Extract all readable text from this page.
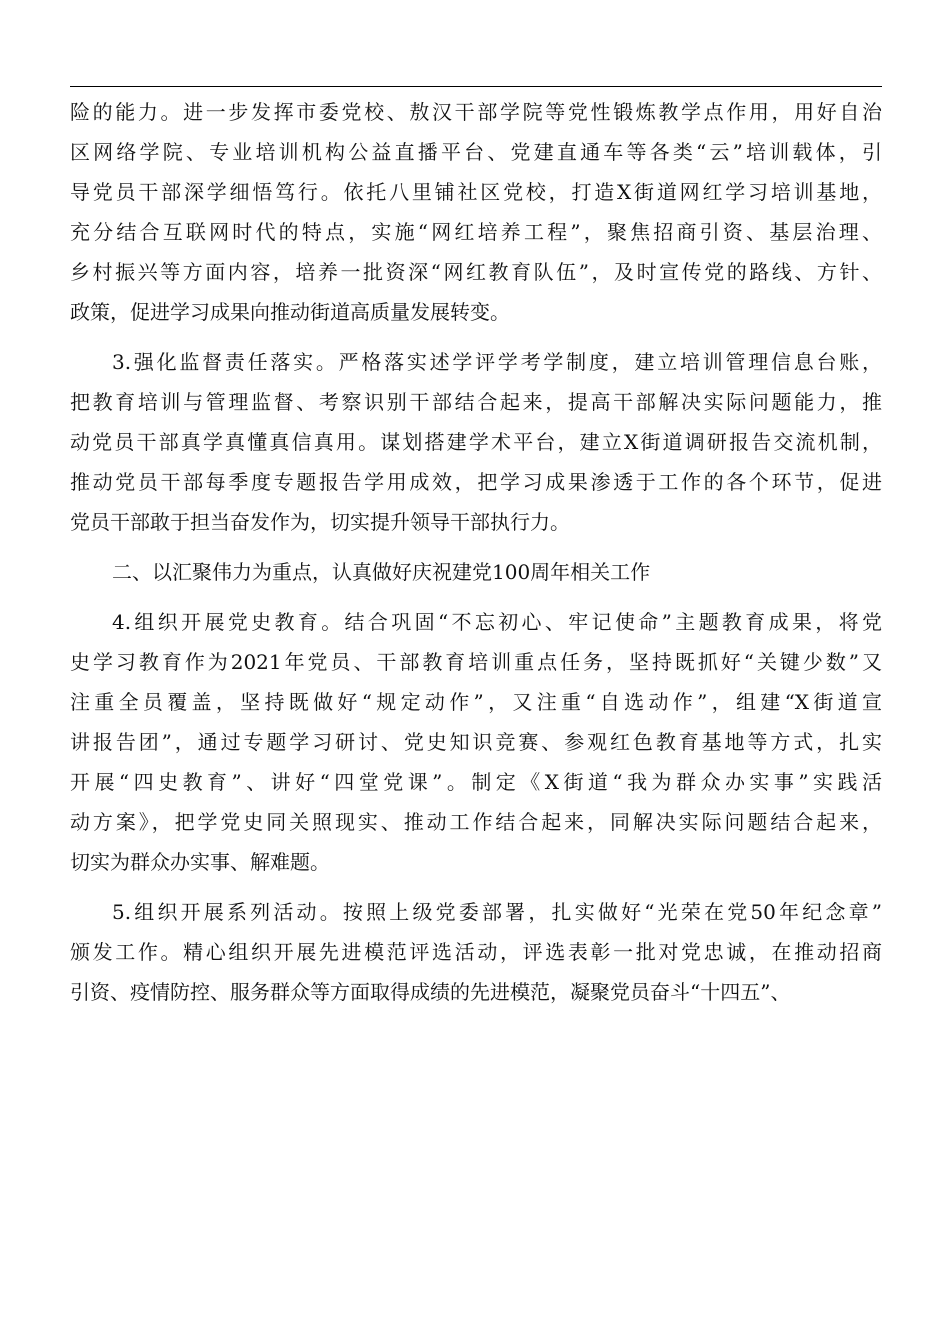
险的能力。进一步发挥市委党校、敖汉干部学院等党性锻炼教学点作用，用好自治
区网络学院、专业培训机构公益直播平台、党建直通车等各类“云”培训载体，引
导党员干部深学细悟笃行。依托八里铺社区党校，打造X街道网红学习培训基地，
充分结合互联网时代的特点，实施“网红培养工程”，聚焦招商引资、基层治理、
乡村振兴等方面内容，培养一批资深“网红教育队伍”，及时宣传党的路线、方针、
政策，促进学习成果向推动街道高质量发展转变。
3.强化监督责任落实。严格落实述学评学考学制度，建立培训管理信息台账，
把教育培训与管理监督、考察识别干部结合起来，提高干部解决实际问题能力，推
动党员干部真学真懂真信真用。谋划搭建学术平台，建立X街道调研报告交流机制，
推动党员干部每季度专题报告学用成效，把学习成果渗透于工作的各个环节，促进
党员干部敢于担当奋发作为，切实提升领导干部执行力。
二、以汇聚伟力为重点，认真做好庆祝建党100周年相关工作
4.组织开展党史教育。结合巩固“不忘初心、牢记使命”主题教育成果，将党
史学习教育作为2021年党员、干部教育培训重点任务，坚持既抓好“关键少数”又
注重全员覆盖，坚持既做好“规定动作”，又注重“自选动作”，组建“X街道宣
讲报告团”，通过专题学习研讨、党史知识竞赛、参观红色教育基地等方式，扎实
开展“四史教育”、讲好“四堂党课”。制定《X街道“我为群众办实事”实践活
动方案》，把学党史同关照现实、推动工作结合起来，同解决实际问题结合起来，
切实为群众办实事、解难题。
5.组织开展系列活动。按照上级党委部署，扎实做好“光荣在党50年纪念章”
颁发工作。精心组织开展先进模范评选活动，评选表彰一批对党忠诚，在推动招商
引资、疫情防控、服务群众等方面取得成绩的先进模范，凝聚党员奋斗“十四五”、
